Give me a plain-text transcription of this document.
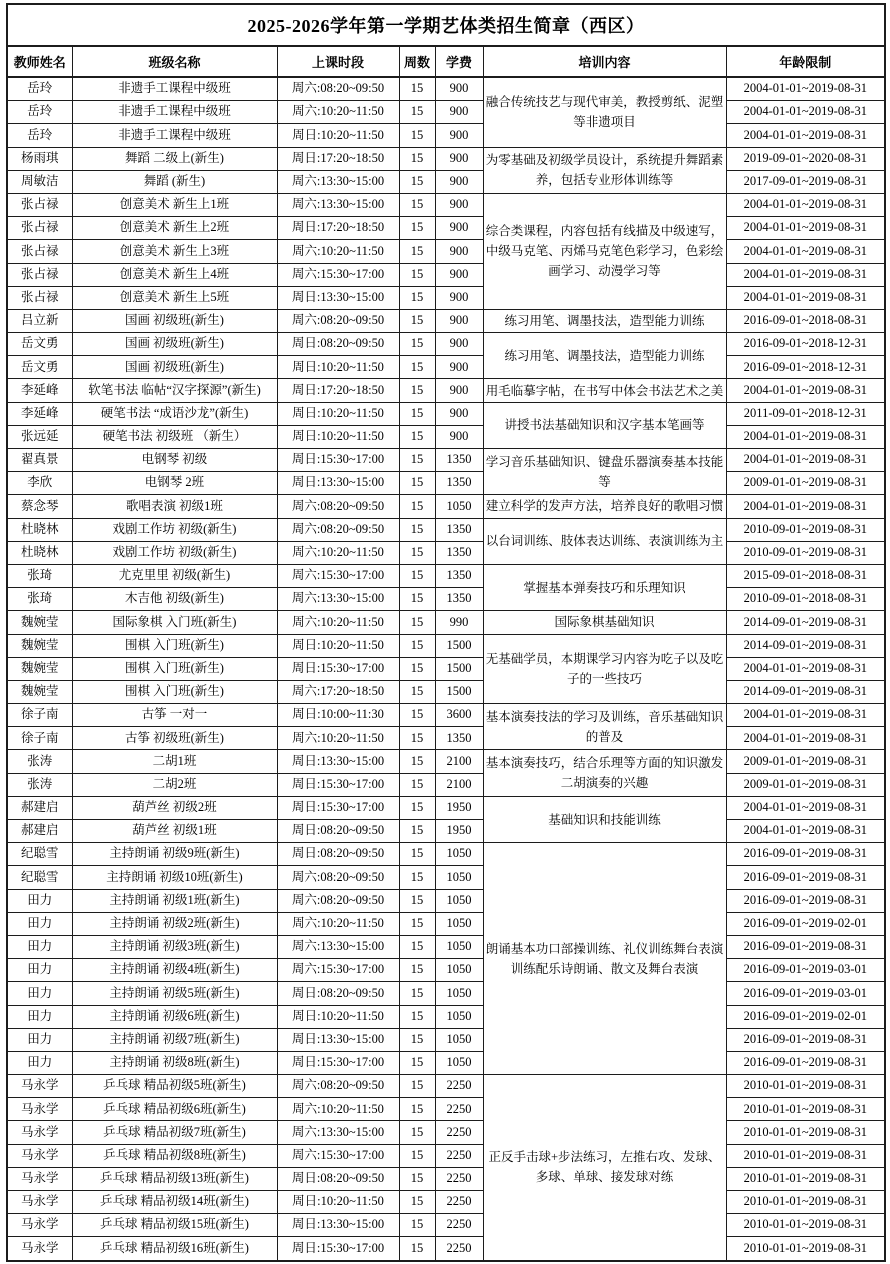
2025-2026学年第一学期艺体类招生简章（西区）						
教师姓名	班级名称	上课时段	周数	学费	培训内容	年龄限制
岳玲	非遗手工课程中级班	周六:08:20~09:50	15	900	融合传统技艺与现代审美，教授剪纸、泥塑等非遗项目	2004-01-01~2019-08-31
岳玲	非遗手工课程中级班	周六:10:20~11:50	15	900		2004-01-01~2019-08-31
岳玲	非遗手工课程中级班	周日:10:20~11:50	15	900		2004-01-01~2019-08-31
杨雨琪	舞蹈 二级上(新生)	周日:17:20~18:50	15	900	为零基础及初级学员设计，系统提升舞蹈素养，包括专业形体训练等	2019-09-01~2020-08-31
周敏洁	舞蹈 (新生)	周六:13:30~15:00	15	900		2017-09-01~2019-08-31
张占禄	创意美术 新生上1班	周六:13:30~15:00	15	900	综合类课程，内容包括有线描及中级速写，中级马克笔、丙烯马克笔色彩学习，色彩绘画学习、动漫学习等	2004-01-01~2019-08-31
张占禄	创意美术 新生上2班	周日:17:20~18:50	15	900		2004-01-01~2019-08-31
张占禄	创意美术 新生上3班	周六:10:20~11:50	15	900		2004-01-01~2019-08-31
张占禄	创意美术 新生上4班	周六:15:30~17:00	15	900		2004-01-01~2019-08-31
张占禄	创意美术 新生上5班	周日:13:30~15:00	15	900		2004-01-01~2019-08-31
吕立新	国画 初级班(新生)	周六:08:20~09:50	15	900	练习用笔、调墨技法，造型能力训练	2016-09-01~2018-08-31
岳文勇	国画 初级班(新生)	周日:08:20~09:50	15	900	练习用笔、调墨技法，造型能力训练	2016-09-01~2018-12-31
岳文勇	国画 初级班(新生)	周日:10:20~11:50	15	900		2016-09-01~2018-12-31
李延峰	软笔书法 临帖“汉字探源”(新生)	周日:17:20~18:50	15	900	用毛临摹字帖，在书写中体会书法艺术之美	2004-01-01~2019-08-31
李延峰	硬笔书法 “成语沙龙”(新生)	周日:10:20~11:50	15	900	讲授书法基础知识和汉字基本笔画等	2011-09-01~2018-12-31
张远延	硬笔书法 初级班 （新生）	周日:10:20~11:50	15	900		2004-01-01~2019-08-31
翟真景	电钢琴 初级	周日:15:30~17:00	15	1350	学习音乐基础知识、键盘乐器演奏基本技能等	2004-01-01~2019-08-31
李欣	电钢琴 2班	周日:13:30~15:00	15	1350		2009-01-01~2019-08-31
蔡念琴	歌唱表演 初级1班	周六:08:20~09:50	15	1050	建立科学的发声方法，培养良好的歌唱习惯	2004-01-01~2019-08-31
杜晓林	戏剧工作坊 初级(新生)	周六:08:20~09:50	15	1350	以台词训练、肢体表达训练、表演训练为主	2010-09-01~2019-08-31
杜晓林	戏剧工作坊 初级(新生)	周六:10:20~11:50	15	1350		2010-09-01~2019-08-31
张琦	尤克里里 初级(新生)	周六:15:30~17:00	15	1350	掌握基本弹奏技巧和乐理知识	2015-09-01~2018-08-31
张琦	木吉他 初级(新生)	周六:13:30~15:00	15	1350		2010-09-01~2018-08-31
魏婉莹	国际象棋 入门班(新生)	周六:10:20~11:50	15	990	国际象棋基础知识	2014-09-01~2019-08-31
魏婉莹	围棋 入门班(新生)	周日:10:20~11:50	15	1500	无基础学员，本期课学习内容为吃子以及吃子的一些技巧	2014-09-01~2019-08-31
魏婉莹	围棋 入门班(新生)	周日:15:30~17:00	15	1500		2004-01-01~2019-08-31
魏婉莹	围棋 入门班(新生)	周六:17:20~18:50	15	1500		2014-09-01~2019-08-31
徐子南	古筝 一对一	周日:10:00~11:30	15	3600	基本演奏技法的学习及训练，音乐基础知识的普及	2004-01-01~2019-08-31
徐子南	古筝 初级班(新生)	周六:10:20~11:50	15	1350		2004-01-01~2019-08-31
张涛	二胡1班	周日:13:30~15:00	15	2100	基本演奏技巧，结合乐理等方面的知识激发二胡演奏的兴趣	2009-01-01~2019-08-31
张涛	二胡2班	周日:15:30~17:00	15	2100		2009-01-01~2019-08-31
郝建启	葫芦丝 初级2班	周日:15:30~17:00	15	1950	基础知识和技能训练	2004-01-01~2019-08-31
郝建启	葫芦丝 初级1班	周日:08:20~09:50	15	1950		2004-01-01~2019-08-31
纪聪雪	主持朗诵 初级9班(新生)	周日:08:20~09:50	15	1050	朗诵基本功口部操训练、礼仪训练舞台表演训练配乐诗朗诵、散文及舞台表演	2016-09-01~2019-08-31
纪聪雪	主持朗诵 初级10班(新生)	周六:08:20~09:50	15	1050		2016-09-01~2019-08-31
田力	主持朗诵 初级1班(新生)	周六:08:20~09:50	15	1050		2016-09-01~2019-08-31
田力	主持朗诵 初级2班(新生)	周六:10:20~11:50	15	1050		2016-09-01~2019-02-01
田力	主持朗诵 初级3班(新生)	周六:13:30~15:00	15	1050		2016-09-01~2019-08-31
田力	主持朗诵 初级4班(新生)	周六:15:30~17:00	15	1050		2016-09-01~2019-03-01
田力	主持朗诵 初级5班(新生)	周日:08:20~09:50	15	1050		2016-09-01~2019-03-01
田力	主持朗诵 初级6班(新生)	周日:10:20~11:50	15	1050		2016-09-01~2019-02-01
田力	主持朗诵 初级7班(新生)	周日:13:30~15:00	15	1050		2016-09-01~2019-08-31
田力	主持朗诵 初级8班(新生)	周日:15:30~17:00	15	1050		2016-09-01~2019-08-31
马永学	乒乓球 精品初级5班(新生)	周六:08:20~09:50	15	2250	正反手击球+步法练习，左推右攻、发球、多球、单球、接发球对练	2010-01-01~2019-08-31
马永学	乒乓球 精品初级6班(新生)	周六:10:20~11:50	15	2250		2010-01-01~2019-08-31
马永学	乒乓球 精品初级7班(新生)	周六:13:30~15:00	15	2250		2010-01-01~2019-08-31
马永学	乒乓球 精品初级8班(新生)	周六:15:30~17:00	15	2250		2010-01-01~2019-08-31
马永学	乒乓球 精品初级13班(新生)	周日:08:20~09:50	15	2250		2010-01-01~2019-08-31
马永学	乒乓球 精品初级14班(新生)	周日:10:20~11:50	15	2250		2010-01-01~2019-08-31
马永学	乒乓球 精品初级15班(新生)	周日:13:30~15:00	15	2250		2010-01-01~2019-08-31
马永学	乒乓球 精品初级16班(新生)	周日:15:30~17:00	15	2250		2010-01-01~2019-08-31
